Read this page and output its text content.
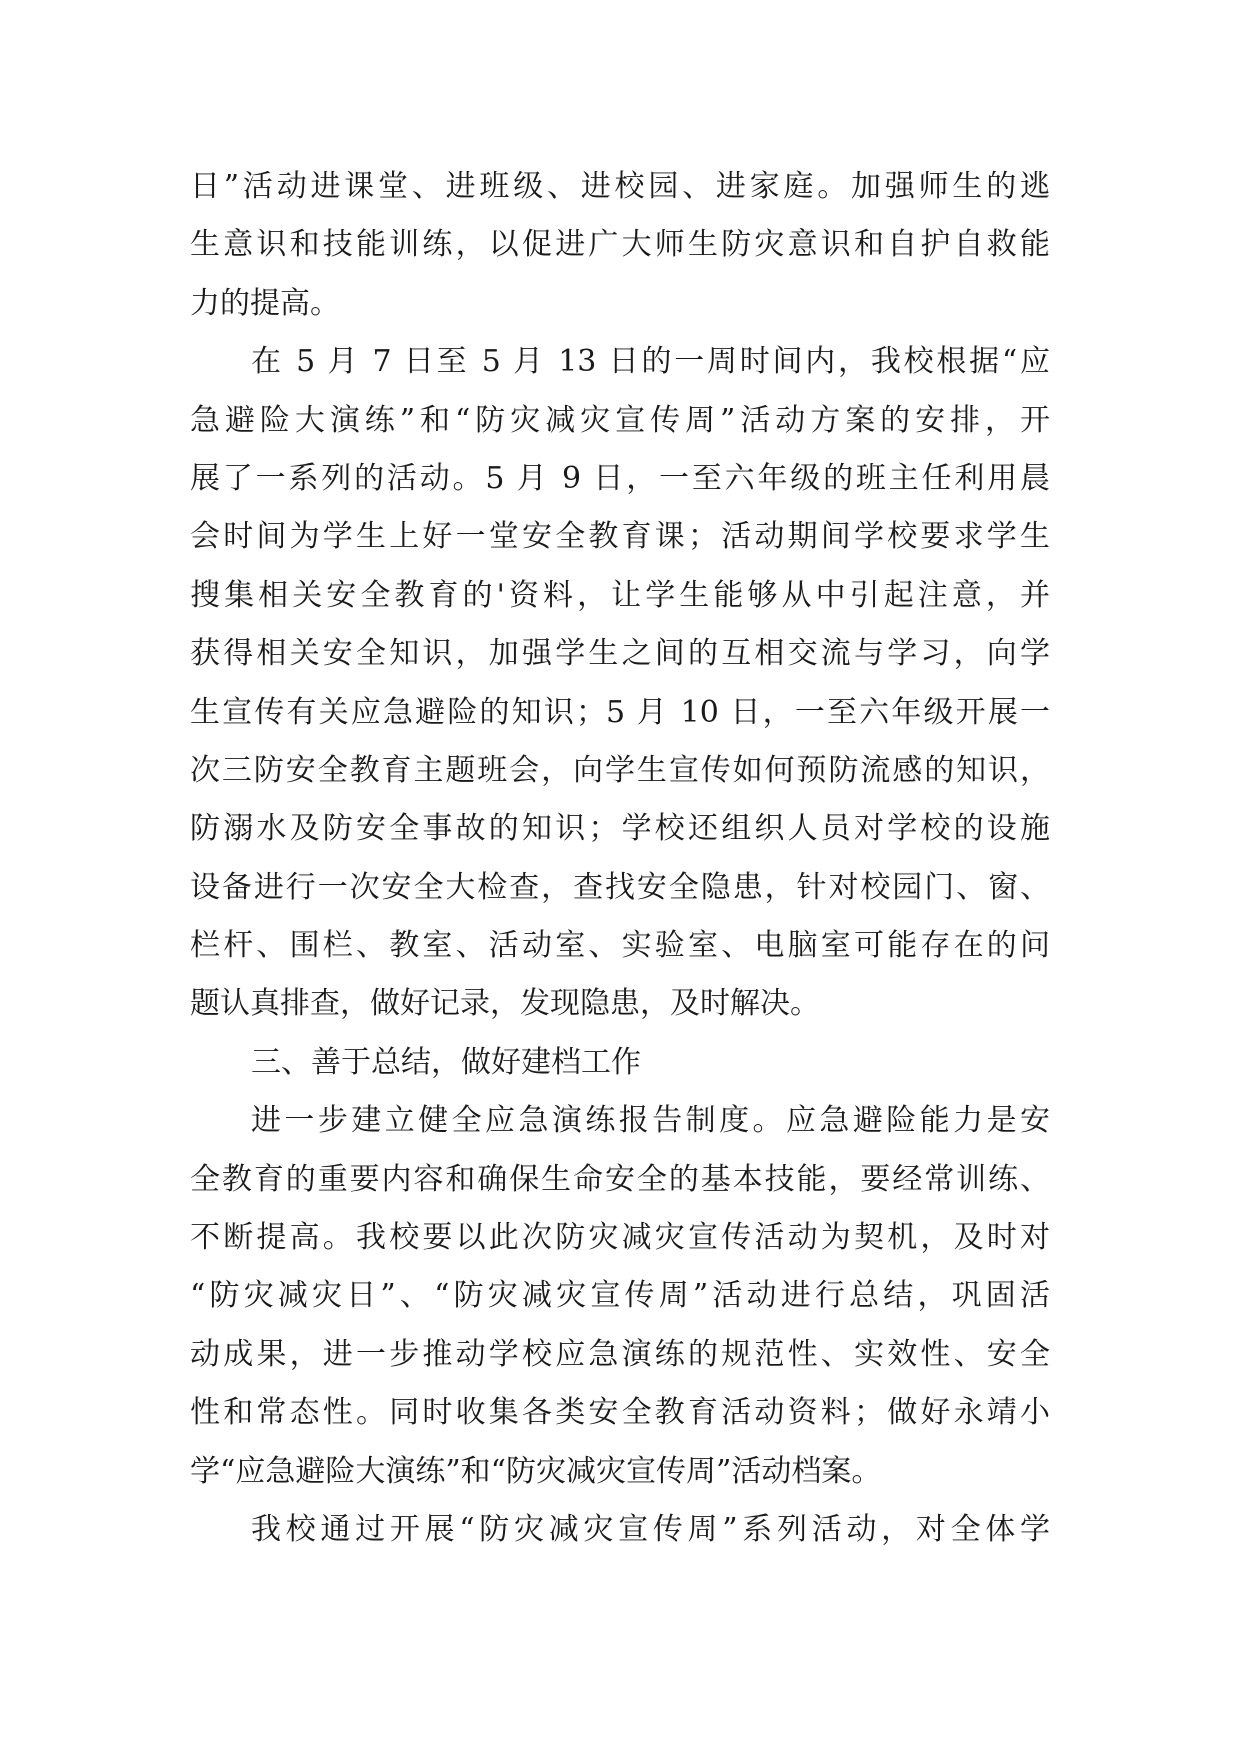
日”活动进课堂、进班级、进校园、进家庭。加强师生的逃
生意识和技能训练，以促进广大师生防灾意识和自护自救能
力的提高。
在 5 月 7 日至 5 月 13 日的一周时间内，我校根据“应
急避险大演练”和“防灾减灾宣传周”活动方案的安排，开
展了一系列的活动。5 月 9 日，一至六年级的班主任利用晨
会时间为学生上好一堂安全教育课；活动期间学校要求学生
搜集相关安全教育的'资料，让学生能够从中引起注意，并
获得相关安全知识，加强学生之间的互相交流与学习，向学
生宣传有关应急避险的知识；5 月 10 日，一至六年级开展一
次三防安全教育主题班会，向学生宣传如何预防流感的知识，
防溺水及防安全事故的知识；学校还组织人员对学校的设施
设备进行一次安全大检查，查找安全隐患，针对校园门、窗、
栏杆、围栏、教室、活动室、实验室、电脑室可能存在的问
题认真排查，做好记录，发现隐患，及时解决。
三、善于总结，做好建档工作
进一步建立健全应急演练报告制度。应急避险能力是安
全教育的重要内容和确保生命安全的基本技能，要经常训练、
不断提高。我校要以此次防灾减灾宣传活动为契机，及时对
“防灾减灾日”、“防灾减灾宣传周”活动进行总结，巩固活
动成果，进一步推动学校应急演练的规范性、实效性、安全
性和常态性。同时收集各类安全教育活动资料；做好永靖小
学“应急避险大演练”和“防灾减灾宣传周”活动档案。
我校通过开展“防灾减灾宣传周”系列活动，对全体学
